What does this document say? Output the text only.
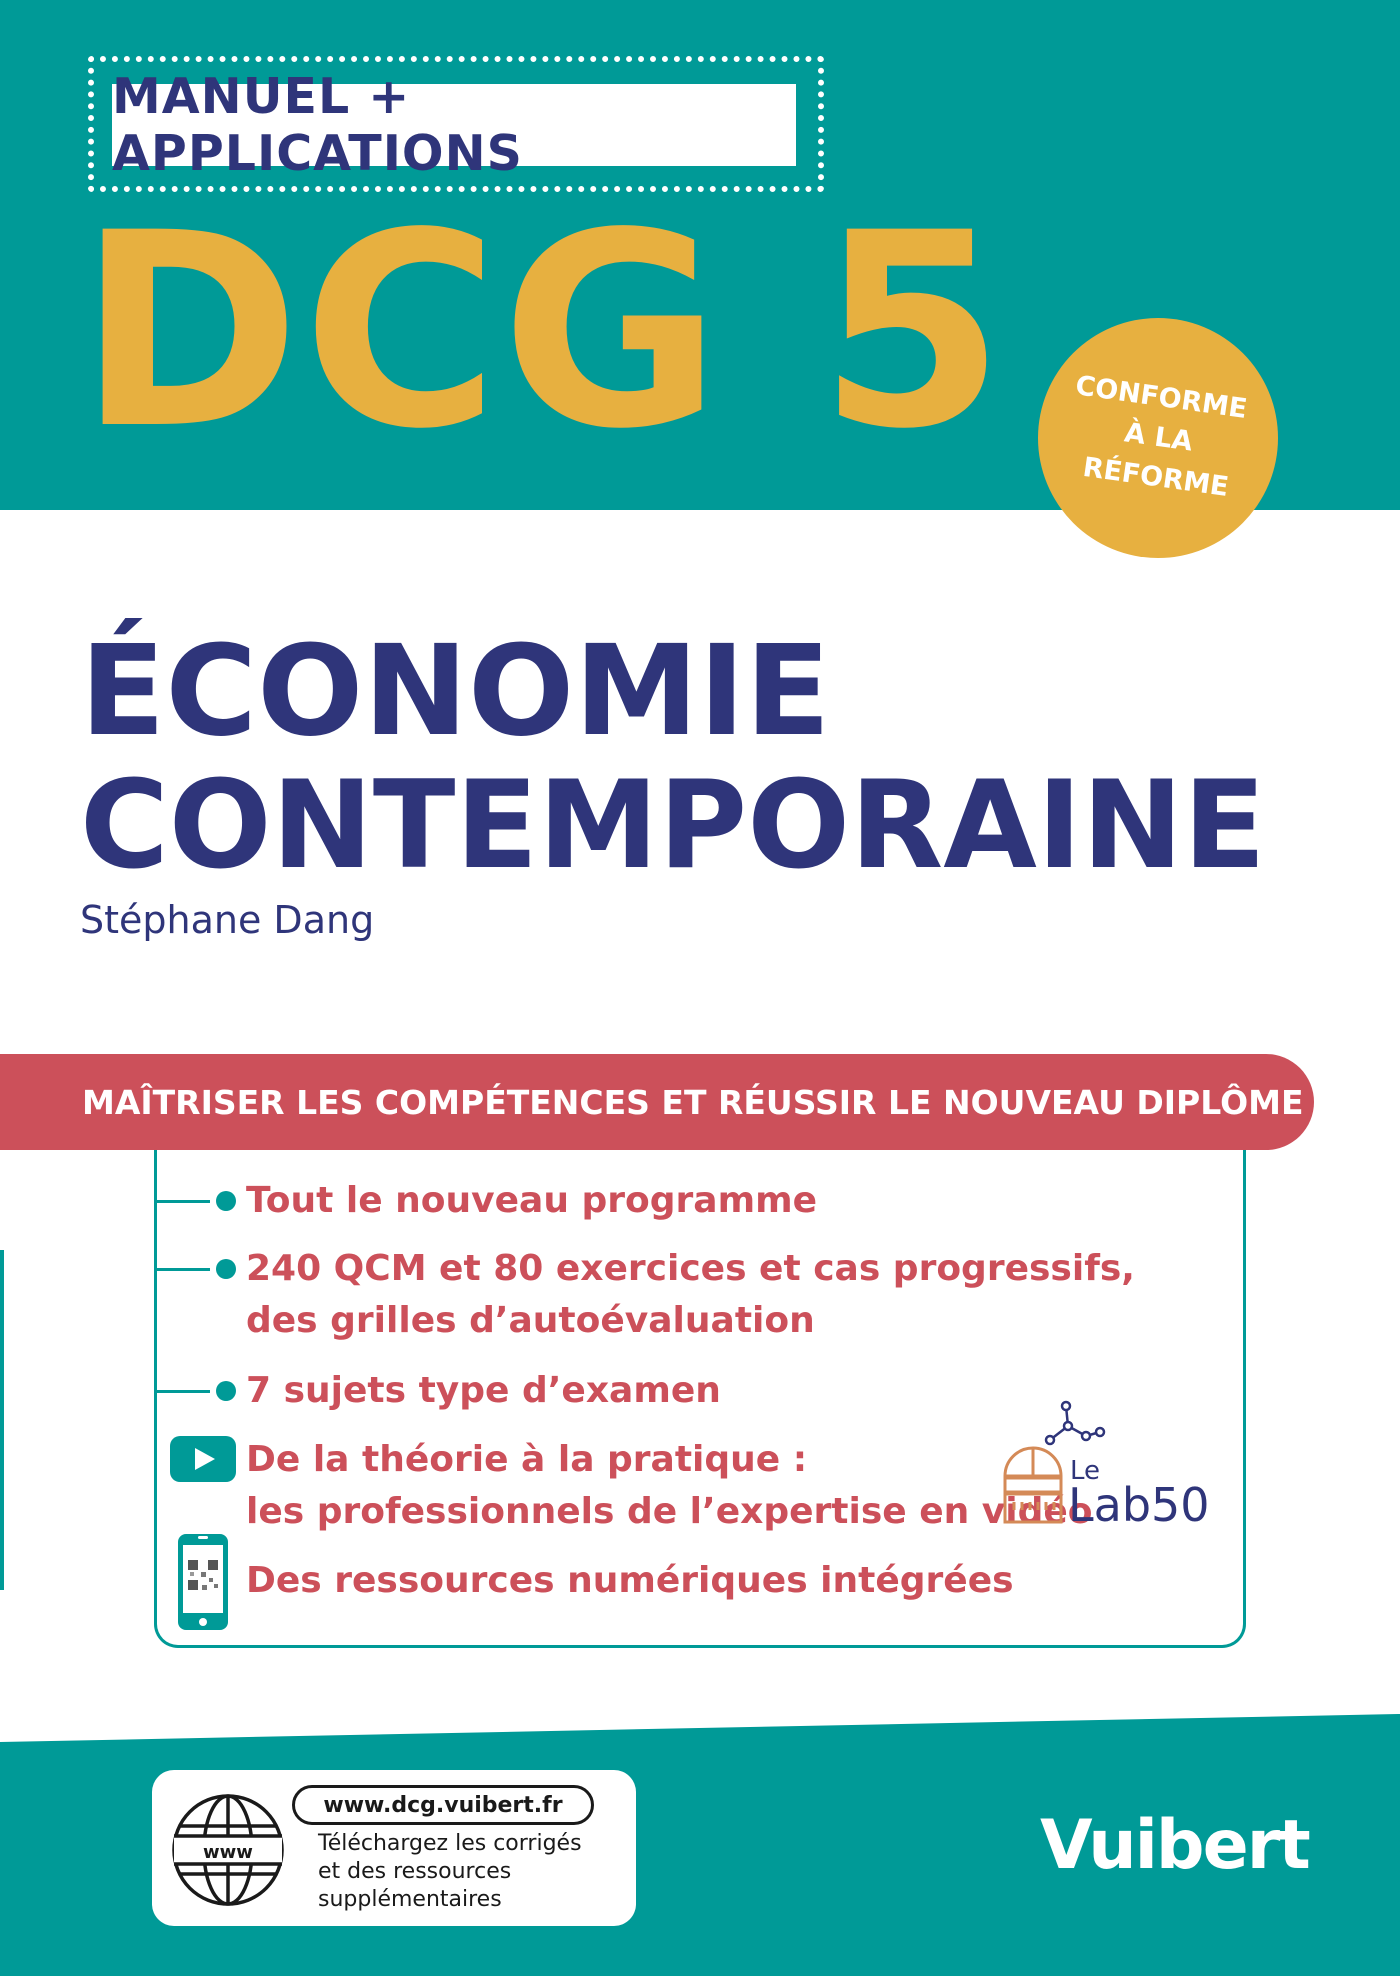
MANUEL + APPLICATIONS
DCG 5 CONFORME
À LA
RÉFORME
ÉCONOMIE
CONTEMPORAINE
Stéphane Dang
MAÎTRISER LES COMPÉTENCES ET RÉUSSIR LE NOUVEAU DIPLÔME
Tout le nouveau programme
240 QCM et 80 exercices et cas progressifs,
des grilles d’autoévaluation
7 sujets type d’examen
De la théorie à la pratique :
les professionnels de l’expertise en vidéo
Des ressources numériques intégrées
Le
Lab50
www
www.dcg.vuibert.fr
Téléchargez les corrigés
et des ressources
supplémentaires
Vuibert
